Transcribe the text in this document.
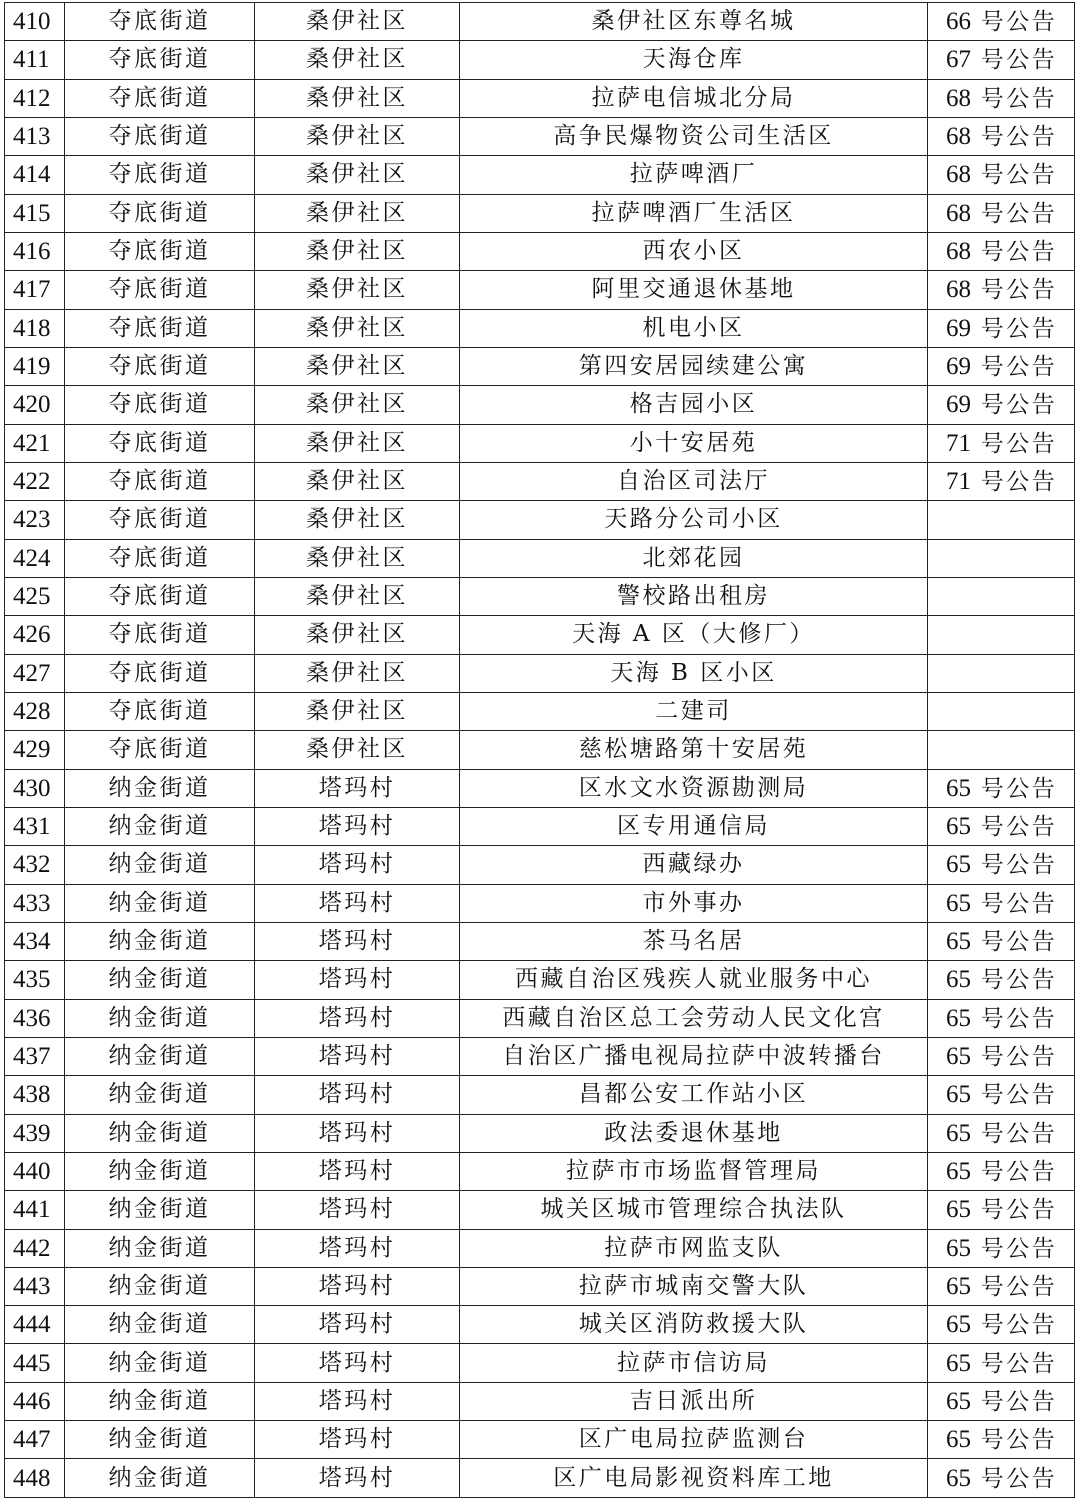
410	夺底街道	桑伊社区	桑伊社区东尊名城	66 号公告
411	夺底街道	桑伊社区	天海仓库	67 号公告
412	夺底街道	桑伊社区	拉萨电信城北分局	68 号公告
413	夺底街道	桑伊社区	高争民爆物资公司生活区	68 号公告
414	夺底街道	桑伊社区	拉萨啤酒厂	68 号公告
415	夺底街道	桑伊社区	拉萨啤酒厂生活区	68 号公告
416	夺底街道	桑伊社区	西农小区	68 号公告
417	夺底街道	桑伊社区	阿里交通退休基地	68 号公告
418	夺底街道	桑伊社区	机电小区	69 号公告
419	夺底街道	桑伊社区	第四安居园续建公寓	69 号公告
420	夺底街道	桑伊社区	格吉园小区	69 号公告
421	夺底街道	桑伊社区	小十安居苑	71 号公告
422	夺底街道	桑伊社区	自治区司法厅	71 号公告
423	夺底街道	桑伊社区	天路分公司小区	
424	夺底街道	桑伊社区	北郊花园	
425	夺底街道	桑伊社区	警校路出租房	
426	夺底街道	桑伊社区	天海 A 区（大修厂）	
427	夺底街道	桑伊社区	天海 B 区小区	
428	夺底街道	桑伊社区	二建司	
429	夺底街道	桑伊社区	慈松塘路第十安居苑	
430	纳金街道	塔玛村	区水文水资源勘测局	65 号公告
431	纳金街道	塔玛村	区专用通信局	65 号公告
432	纳金街道	塔玛村	西藏绿办	65 号公告
433	纳金街道	塔玛村	市外事办	65 号公告
434	纳金街道	塔玛村	茶马名居	65 号公告
435	纳金街道	塔玛村	西藏自治区残疾人就业服务中心	65 号公告
436	纳金街道	塔玛村	西藏自治区总工会劳动人民文化宫	65 号公告
437	纳金街道	塔玛村	自治区广播电视局拉萨中波转播台	65 号公告
438	纳金街道	塔玛村	昌都公安工作站小区	65 号公告
439	纳金街道	塔玛村	政法委退休基地	65 号公告
440	纳金街道	塔玛村	拉萨市市场监督管理局	65 号公告
441	纳金街道	塔玛村	城关区城市管理综合执法队	65 号公告
442	纳金街道	塔玛村	拉萨市网监支队	65 号公告
443	纳金街道	塔玛村	拉萨市城南交警大队	65 号公告
444	纳金街道	塔玛村	城关区消防救援大队	65 号公告
445	纳金街道	塔玛村	拉萨市信访局	65 号公告
446	纳金街道	塔玛村	吉日派出所	65 号公告
447	纳金街道	塔玛村	区广电局拉萨监测台	65 号公告
448	纳金街道	塔玛村	区广电局影视资料库工地	65 号公告
